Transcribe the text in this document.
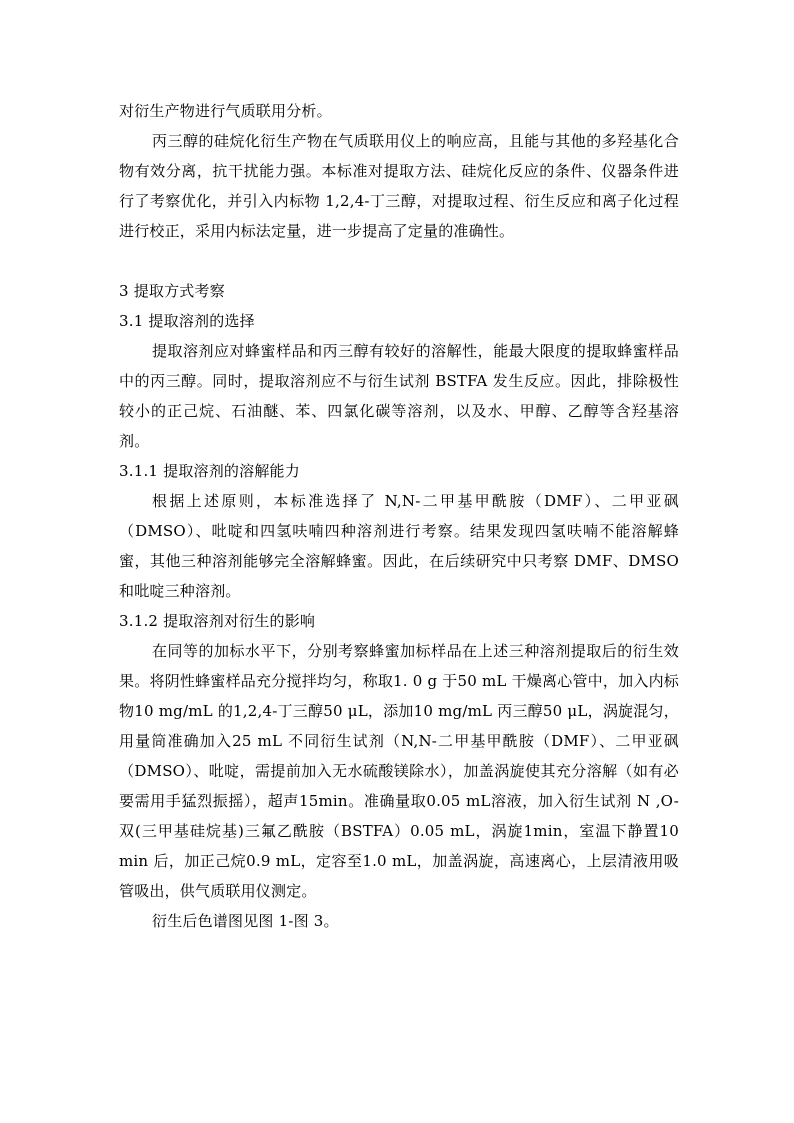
对衍生产物进行气质联用分析。

丙三醇的硅烷化衍生产物在气质联用仪上的响应高，且能与其他的多羟基化合物有效分离，抗干扰能力强。本标准对提取方法、硅烷化反应的条件、仪器条件进行了考察优化，并引入内标物 1,2,4-丁三醇，对提取过程、衍生反应和离子化过程进行校正，采用内标法定量，进一步提高了定量的准确性。

3 提取方式考察

3.1 提取溶剂的选择

提取溶剂应对蜂蜜样品和丙三醇有较好的溶解性，能最大限度的提取蜂蜜样品中的丙三醇。同时，提取溶剂应不与衍生试剂 BSTFA 发生反应。因此，排除极性较小的正己烷、石油醚、苯、四氯化碳等溶剂，以及水、甲醇、乙醇等含羟基溶剂。

3.1.1 提取溶剂的溶解能力

根据上述原则，本标准选择了 N,N-二甲基甲酰胺（DMF）、二甲亚砜（DMSO）、吡啶和四氢呋喃四种溶剂进行考察。结果发现四氢呋喃不能溶解蜂蜜，其他三种溶剂能够完全溶解蜂蜜。因此，在后续研究中只考察 DMF、DMSO 和吡啶三种溶剂。

3.1.2 提取溶剂对衍生的影响

在同等的加标水平下，分别考察蜂蜜加标样品在上述三种溶剂提取后的衍生效果。将阴性蜂蜜样品充分搅拌均匀，称取1. 0 g 于50 mL 干燥离心管中，加入内标物10 mg/mL 的1,2,4-丁三醇50 μL，添加10 mg/mL 丙三醇50 μL，涡旋混匀，用量筒准确加入25 mL 不同衍生试剂（N,N-二甲基甲酰胺（DMF）、二甲亚砜（DMSO）、吡啶，需提前加入无水硫酸镁除水），加盖涡旋使其充分溶解（如有必要需用手猛烈振摇），超声15min。准确量取0.05 mL溶液，加入衍生试剂 N ,O-双(三甲基硅烷基)三氟乙酰胺（BSTFA）0.05 mL，涡旋1min，室温下静置10 min 后，加正己烷0.9 mL，定容至1.0 mL，加盖涡旋，高速离心，上层清液用吸管吸出，供气质联用仪测定。

衍生后色谱图见图 1-图 3。
